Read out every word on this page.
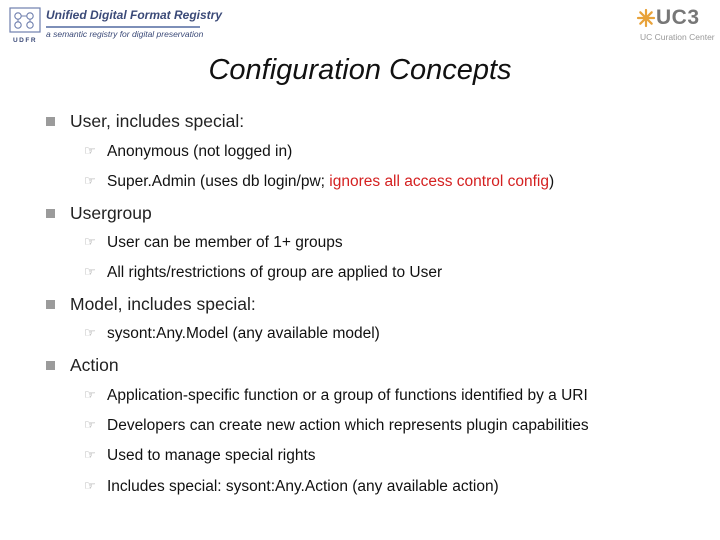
UDFR
Unified Digital Format Registry
a semantic registry for digital preservation
UC3
UC Curation Center
Configuration Concepts
User, includes special:
☞ Anonymous (not logged in)
☞ Super.Admin (uses db login/pw; ignores all access control config)
Usergroup
☞ User can be member of 1+ groups
☞ All rights/restrictions of group are applied to User
Model, includes special:
☞ sysont:Any.Model (any available model)
Action
☞ Application-specific function or a group of functions identified by a URI
☞ Developers can create new action which represents plugin capabilities
☞ Used to manage special rights
☞ Includes special: sysont:Any.Action (any available action)
